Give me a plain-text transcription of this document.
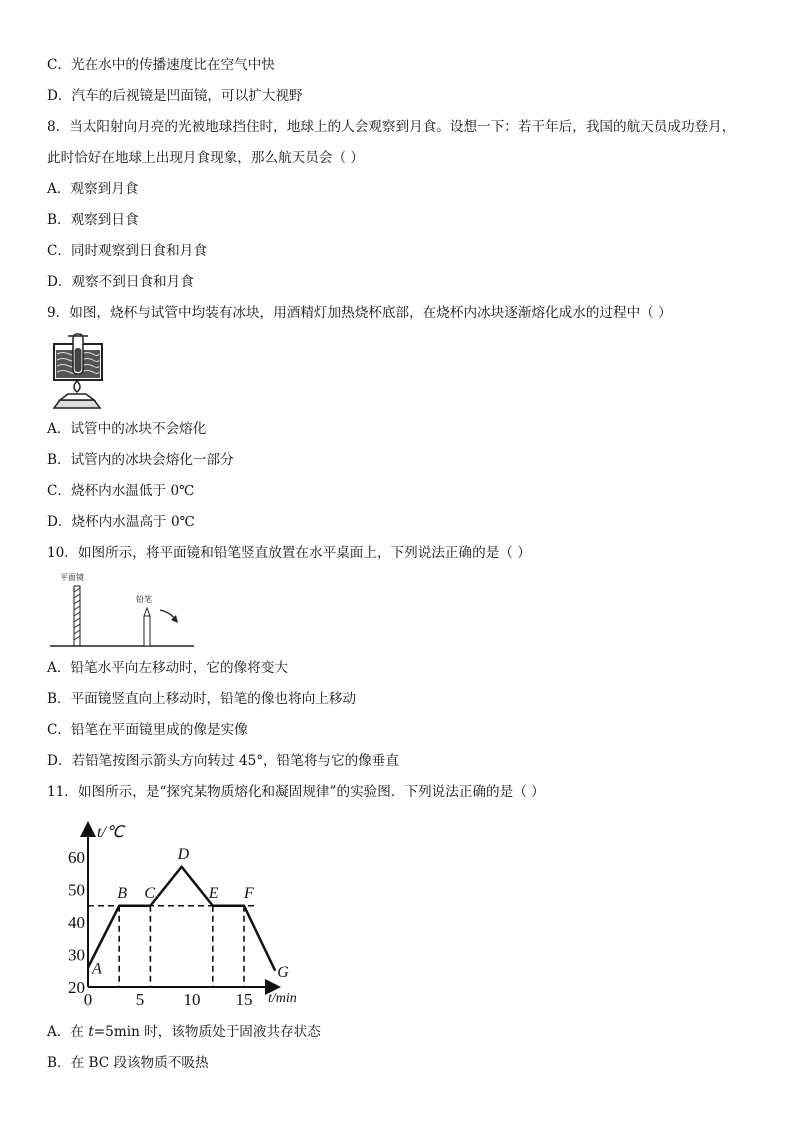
C．光在水中的传播速度比在空气中快
D．汽车的后视镜是凹面镜，可以扩大视野
8．当太阳射向月亮的光被地球挡住时，地球上的人会观察到月食。设想一下：若干年后，我国的航天员成功登月，
此时恰好在地球上出现月食现象，那么航天员会（ ）
A．观察到月食
B．观察到日食
C．同时观察到日食和月食
D．观察不到日食和月食
9．如图，烧杯与试管中均装有冰块，用酒精灯加热烧杯底部，在烧杯内冰块逐渐熔化成水的过程中（ ）
A．试管中的冰块不会熔化
B．试管内的冰块会熔化一部分
C．烧杯内水温低于 0℃
D．烧杯内水温高于 0℃
10．如图所示，将平面镜和铅笔竖直放置在水平桌面上，下列说法正确的是（ ）
平面镜
铅笔
A．铅笔水平向左移动时，它的像将变大
B．平面镜竖直向上移动时，铅笔的像也将向上移动
C．铅笔在平面镜里成的像是实像
D．若铅笔按图示箭头方向转过 45°，铅笔将与它的像垂直
11．如图所示，是“探究某物质熔化和凝固规律”的实验图．下列说法正确的是（ ）
t/℃
t/min
20
30
40
50
60
0	5 10 15
A
B C
D
E F
G
A．在 t=5min 时，该物质处于固液共存状态
B．在 BC 段该物质不吸热
